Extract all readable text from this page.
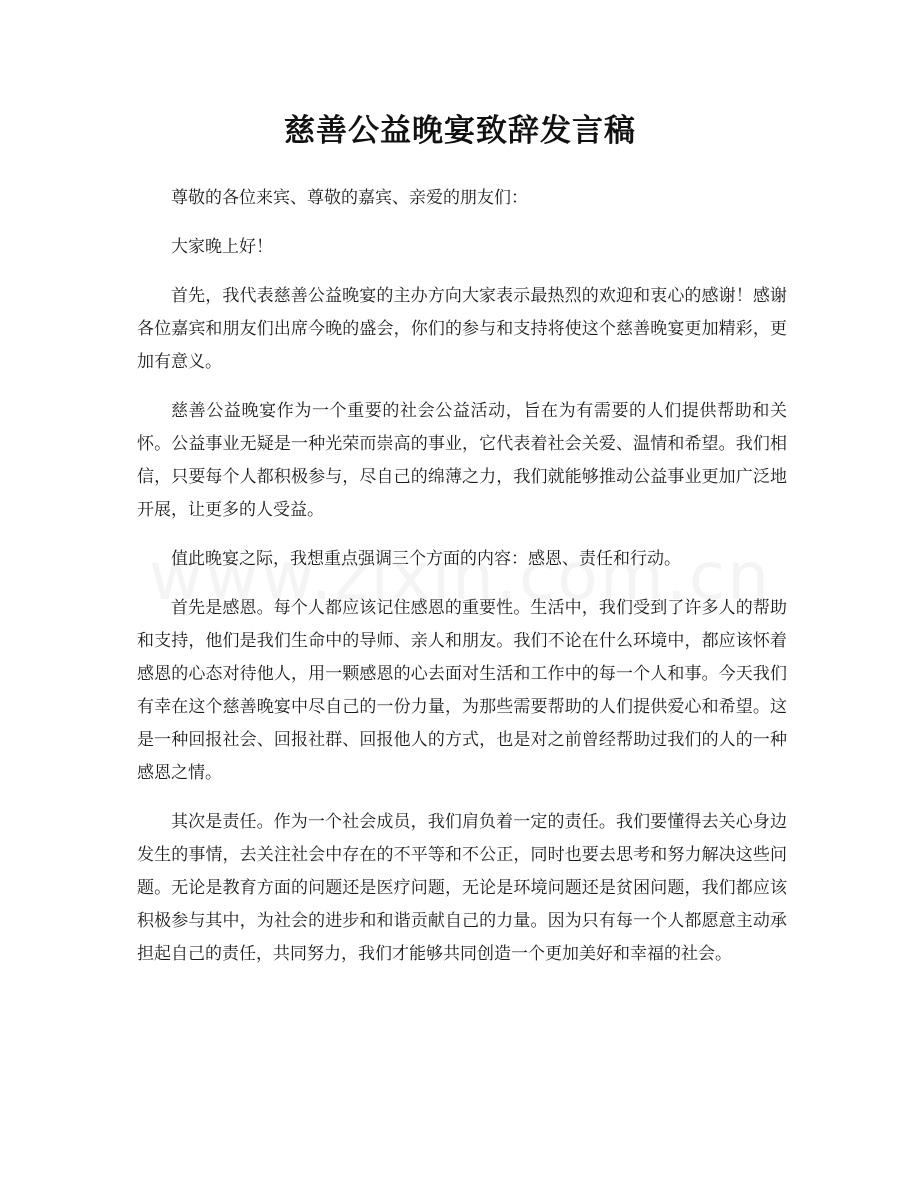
慈善公益晚宴致辞发言稿

尊敬的各位来宾、尊敬的嘉宾、亲爱的朋友们：

大家晚上好！

首先，我代表慈善公益晚宴的主办方向大家表示最热烈的欢迎和衷心的感谢！感谢各位嘉宾和朋友们出席今晚的盛会，你们的参与和支持将使这个慈善晚宴更加精彩，更加有意义。

慈善公益晚宴作为一个重要的社会公益活动，旨在为有需要的人们提供帮助和关怀。公益事业无疑是一种光荣而崇高的事业，它代表着社会关爱、温情和希望。我们相信，只要每个人都积极参与，尽自己的绵薄之力，我们就能够推动公益事业更加广泛地开展，让更多的人受益。

值此晚宴之际，我想重点强调三个方面的内容：感恩、责任和行动。

首先是感恩。每个人都应该记住感恩的重要性。生活中，我们受到了许多人的帮助和支持，他们是我们生命中的导师、亲人和朋友。我们不论在什么环境中，都应该怀着感恩的心态对待他人，用一颗感恩的心去面对生活和工作中的每一个人和事。今天我们有幸在这个慈善晚宴中尽自己的一份力量，为那些需要帮助的人们提供爱心和希望。这是一种回报社会、回报社群、回报他人的方式，也是对之前曾经帮助过我们的人的一种感恩之情。

其次是责任。作为一个社会成员，我们肩负着一定的责任。我们要懂得去关心身边发生的事情，去关注社会中存在的不平等和不公正，同时也要去思考和努力解决这些问题。无论是教育方面的问题还是医疗问题，无论是环境问题还是贫困问题，我们都应该积极参与其中，为社会的进步和和谐贡献自己的力量。因为只有每一个人都愿意主动承担起自己的责任，共同努力，我们才能够共同创造一个更加美好和幸福的社会。
